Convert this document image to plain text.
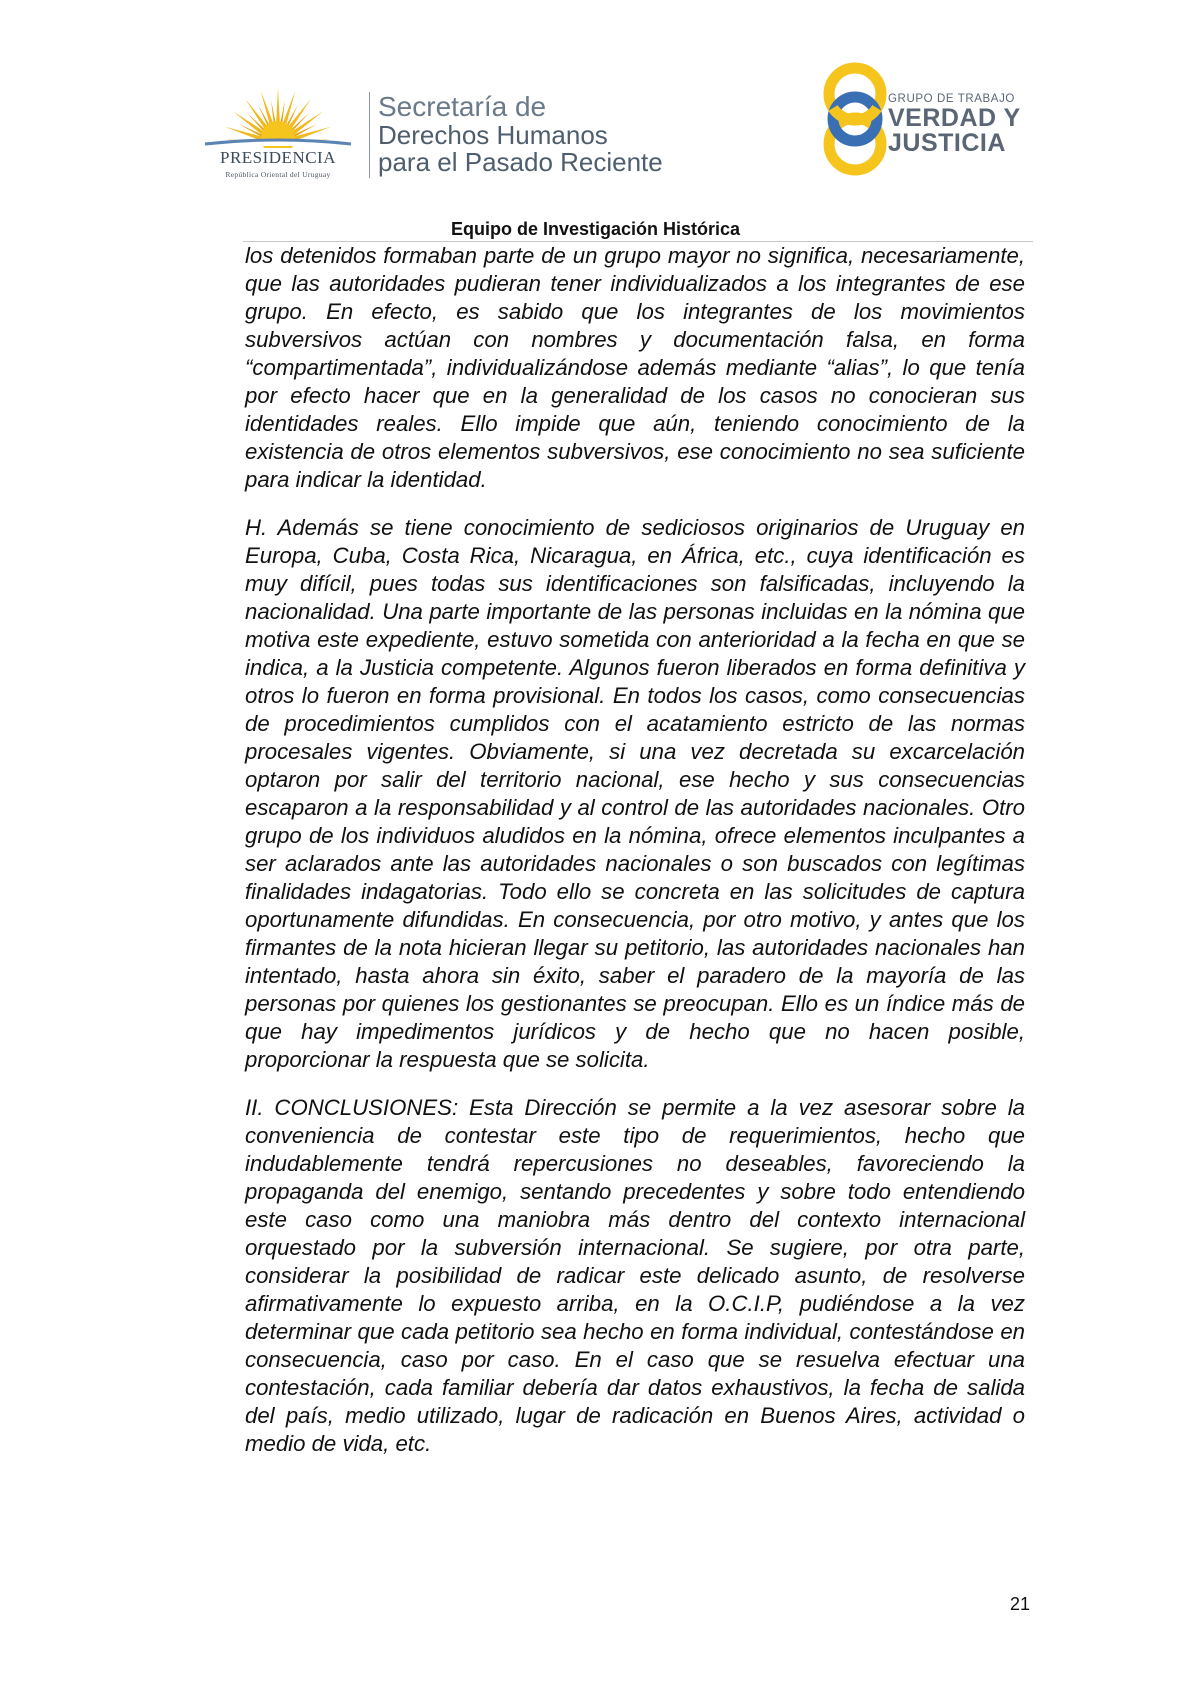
PRESIDENCIA
República Oriental del Uruguay
Secretaría de
Derechos Humanos
para el Pasado Reciente
GRUPO DE TRABAJO
VERDAD Y
JUSTICIA
Equipo de Investigación Histórica

los detenidos formaban parte de un grupo mayor no significa, necesariamente, que las autoridades pudieran tener individualizados a los integrantes de ese grupo. En efecto, es sabido que los integrantes de los movimientos subversivos actúan con nombres y documentación falsa, en forma “compartimentada”, individualizándose además mediante “alias”, lo que tenía por efecto hacer que en la generalidad de los casos no conocieran sus identidades reales. Ello impide que aún, teniendo conocimiento de la existencia de otros elementos subversivos, ese conocimiento no sea suficiente para indicar la identidad.

H. Además se tiene conocimiento de sediciosos originarios de Uruguay en Europa, Cuba, Costa Rica, Nicaragua, en África, etc., cuya identificación es muy difícil, pues todas sus identificaciones son falsificadas, incluyendo la nacionalidad. Una parte importante de las personas incluidas en la nómina que motiva este expediente, estuvo sometida con anterioridad a la fecha en que se indica, a la Justicia competente. Algunos fueron liberados en forma definitiva y otros lo fueron en forma provisional. En todos los casos, como consecuencias de procedimientos cumplidos con el acatamiento estricto de las normas procesales vigentes. Obviamente, si una vez decretada su excarcelación optaron por salir del territorio nacional, ese hecho y sus consecuencias escaparon a la responsabilidad y al control de las autoridades nacionales. Otro grupo de los individuos aludidos en la nómina, ofrece elementos inculpantes a ser aclarados ante las autoridades nacionales o son buscados con legítimas finalidades indagatorias. Todo ello se concreta en las solicitudes de captura oportunamente difundidas. En consecuencia, por otro motivo, y antes que los firmantes de la nota hicieran llegar su petitorio, las autoridades nacionales han intentado, hasta ahora sin éxito, saber el paradero de la mayoría de las personas por quienes los gestionantes se preocupan. Ello es un índice más de que hay impedimentos jurídicos y de hecho que no hacen posible, proporcionar la respuesta que se solicita.

II. CONCLUSIONES: Esta Dirección se permite a la vez asesorar sobre la conveniencia de contestar este tipo de requerimientos, hecho que indudablemente tendrá repercusiones no deseables, favoreciendo la propaganda del enemigo, sentando precedentes y sobre todo entendiendo este caso como una maniobra más dentro del contexto internacional orquestado por la subversión internacional. Se sugiere, por otra parte, considerar la posibilidad de radicar este delicado asunto, de resolverse afirmativamente lo expuesto arriba, en la O.C.I.P, pudiéndose a la vez determinar que cada petitorio sea hecho en forma individual, contestándose en consecuencia, caso por caso. En el caso que se resuelva efectuar una contestación, cada familiar debería dar datos exhaustivos, la fecha de salida del país, medio utilizado, lugar de radicación en Buenos Aires, actividad o medio de vida, etc.

21
